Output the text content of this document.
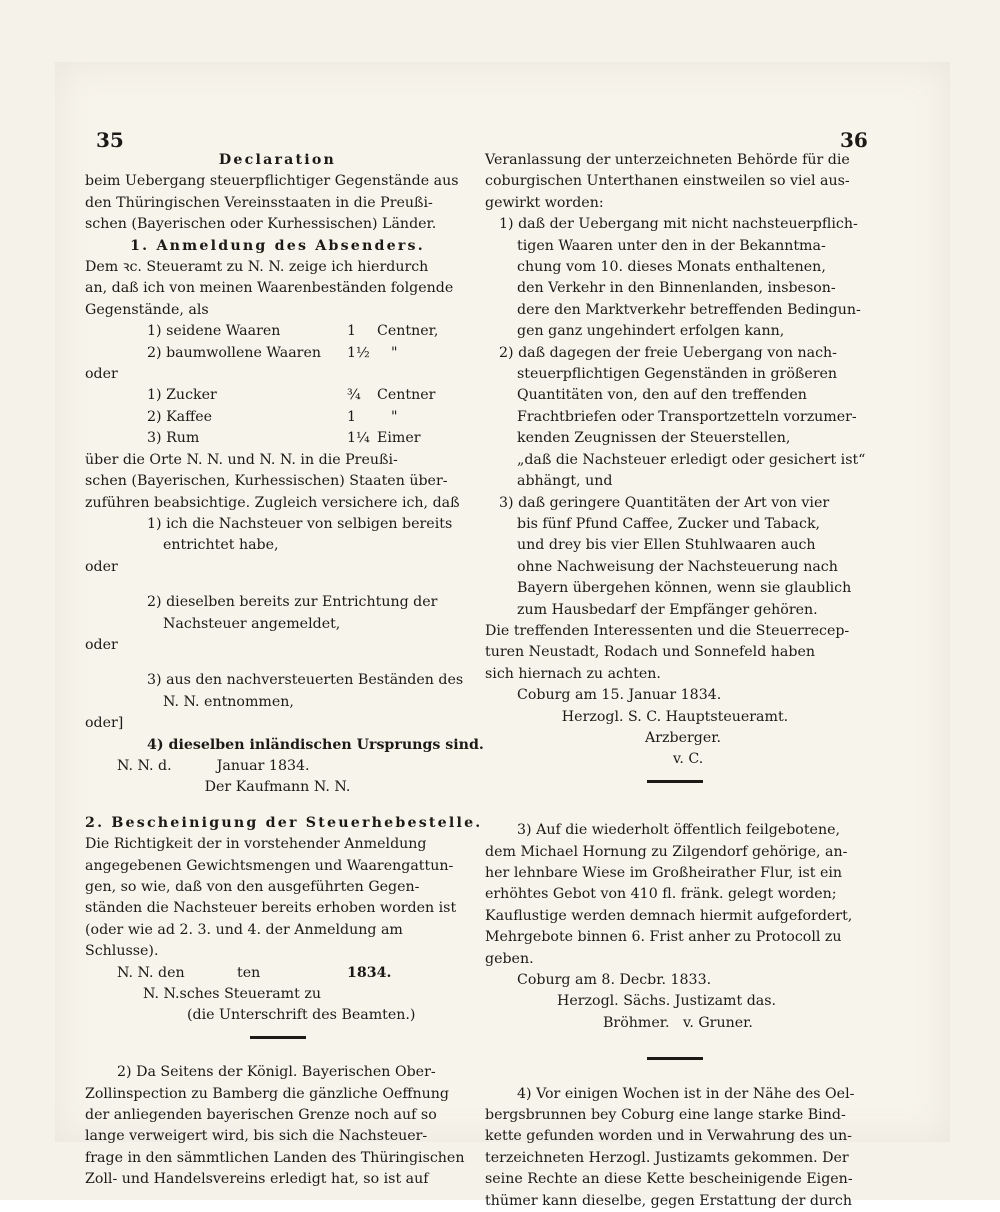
35	36
Declaration
beim Uebergang steuerpflichtiger Gegenstände aus
den Thüringischen Vereinsstaaten in die Preußi-
schen (Bayerischen oder Kurhessischen) Länder.
1. Anmeldung des Absenders.
Dem ꝛc. Steueramt zu N. N. zeige ich hierdurch
an, daß ich von meinen Waarenbeständen folgende
Gegenstände, als
1) seidene Waaren	1	Centner,
2) baumwollene Waaren	1½	"
oder
1) Zucker	¾	Centner
2) Kaffee	1	"
3) Rum	1¼ Eimer
über die Orte N. N. und N. N. in die Preußi-
schen (Bayerischen, Kurhessischen) Staaten über-
zuführen beabsichtige. Zugleich versichere ich, daß
1) ich die Nachsteuer von selbigen bereits
entrichtet habe,
oder
2) dieselben bereits zur Entrichtung der
Nachsteuer angemeldet,
oder
3) aus den nachversteuerten Beständen des
N. N. entnommen,
oder]
4) dieselben inländischen Ursprungs sind.
N. N. d.          Januar 1834.
Der Kaufmann N. N.
2. Bescheinigung der Steuerhebestelle.
Die Richtigkeit der in vorstehender Anmeldung
angegebenen Gewichtsmengen und Waarengattun-
gen, so wie, daß von den ausgeführten Gegen-
ständen die Nachsteuer bereits erhoben worden ist
(oder wie ad 2. 3. und 4. der Anmeldung am
Schlusse).
N. N. den	ten	1834.
N. N.sches Steueramt zu
(die Unterschrift des Beamten.)
2) Da Seitens der Königl. Bayerischen Ober-
Zollinspection zu Bamberg die gänzliche Oeffnung
der anliegenden bayerischen Grenze noch auf so
lange verweigert wird, bis sich die Nachsteuer-
frage in den sämmtlichen Landen des Thüringischen
Zoll- und Handelsvereins erledigt hat, so ist auf
Veranlassung der unterzeichneten Behörde für die
coburgischen Unterthanen einstweilen so viel aus-
gewirkt worden:
1) daß der Uebergang mit nicht nachsteuerpflich-
tigen Waaren unter den in der Bekanntma-
chung vom 10. dieses Monats enthaltenen,
den Verkehr in den Binnenlanden, insbeson-
dere den Marktverkehr betreffenden Bedingun-
gen ganz ungehindert erfolgen kann,
2) daß dagegen der freie Uebergang von nach-
steuerpflichtigen Gegenständen in größeren
Quantitäten von, den auf den treffenden
Frachtbriefen oder Transportzetteln vorzumer-
kenden Zeugnissen der Steuerstellen,
„daß die Nachsteuer erledigt oder gesichert ist“
abhängt, und
3) daß geringere Quantitäten der Art von vier
bis fünf Pfund Caffee, Zucker und Taback,
und drey bis vier Ellen Stuhlwaaren auch
ohne Nachweisung der Nachsteuerung nach
Bayern übergehen können, wenn sie glaublich
zum Hausbedarf der Empfänger gehören.
Die treffenden Interessenten und die Steuerrecep-
turen Neustadt, Rodach und Sonnefeld haben
sich hiernach zu achten.
Coburg am 15. Januar 1834.
Herzogl. S. C. Hauptsteueramt.
Arzberger.
v. C.
3) Auf die wiederholt öffentlich feilgebotene,
dem Michael Hornung zu Zilgendorf gehörige, an-
her lehnbare Wiese im Großheirather Flur, ist ein
erhöhtes Gebot von 410 fl. fränk. gelegt worden;
Kauflustige werden demnach hiermit aufgefordert,
Mehrgebote binnen 6. Frist anher zu Protocoll zu
geben.
Coburg am 8. Decbr. 1833.
Herzogl. Sächs. Justizamt das.
Bröhmer.   v. Gruner.
4) Vor einigen Wochen ist in der Nähe des Oel-
bergsbrunnen bey Coburg eine lange starke Bind-
kette gefunden worden und in Verwahrung des un-
terzeichneten Herzogl. Justizamts gekommen. Der
seine Rechte an diese Kette bescheinigende Eigen-
thümer kann dieselbe, gegen Erstattung der durch
